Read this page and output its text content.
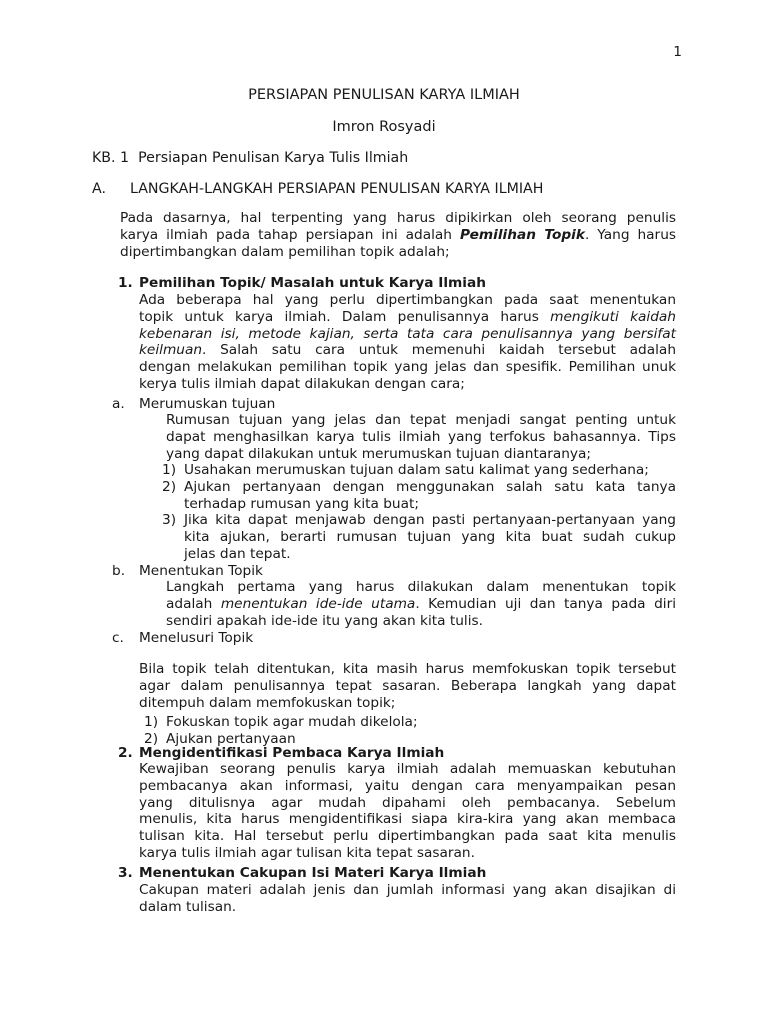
1
PERSIAPAN PENULISAN KARYA ILMIAH
Imron Rosyadi
KB. 1  Persiapan Penulisan Karya Tulis Ilmiah
A. LANGKAH-LANGKAH PERSIAPAN PENULISAN KARYA ILMIAH
Pada dasarnya, hal terpenting yang harus dipikirkan oleh seorang penulis
karya ilmiah pada tahap persiapan ini adalah Pemilihan Topik. Yang harus
dipertimbangkan dalam pemilihan topik adalah;
1. Pemilihan Topik/ Masalah untuk Karya Ilmiah
Ada beberapa hal yang perlu dipertimbangkan pada saat menentukan
topik untuk karya ilmiah. Dalam penulisannya harus mengikuti kaidah
kebenaran isi, metode kajian, serta tata cara penulisannya yang bersifat
keilmuan. Salah satu cara untuk memenuhi kaidah tersebut adalah
dengan melakukan pemilihan topik yang jelas dan spesifik. Pemilihan unuk
kerya tulis ilmiah dapat dilakukan dengan cara;
a. Merumuskan tujuan
Rumusan tujuan yang jelas dan tepat menjadi sangat penting untuk
dapat menghasilkan karya tulis ilmiah yang terfokus bahasannya. Tips
yang dapat dilakukan untuk merumuskan tujuan diantaranya;
1) Usahakan merumuskan tujuan dalam satu kalimat yang sederhana;
2) Ajukan pertanyaan dengan menggunakan salah satu kata tanya
terhadap rumusan yang kita buat;
3) Jika kita dapat menjawab dengan pasti pertanyaan-pertanyaan yang
kita ajukan, berarti rumusan tujuan yang kita buat sudah cukup
jelas dan tepat.
b. Menentukan Topik
Langkah pertama yang harus dilakukan dalam menentukan topik
adalah menentukan ide-ide utama. Kemudian uji dan tanya pada diri
sendiri apakah ide-ide itu yang akan kita tulis.
c. Menelusuri Topik
Bila topik telah ditentukan, kita masih harus memfokuskan topik tersebut
agar dalam penulisannya tepat sasaran. Beberapa langkah yang dapat
ditempuh dalam memfokuskan topik;
1) Fokuskan topik agar mudah dikelola;
2) Ajukan pertanyaan
2. Mengidentifikasi Pembaca Karya Ilmiah
Kewajiban seorang penulis karya ilmiah adalah memuaskan kebutuhan
pembacanya akan informasi, yaitu dengan cara menyampaikan pesan
yang ditulisnya agar mudah dipahami oleh pembacanya. Sebelum
menulis, kita harus mengidentifikasi siapa kira-kira yang akan membaca
tulisan kita. Hal tersebut perlu dipertimbangkan pada saat kita menulis
karya tulis ilmiah agar tulisan kita tepat sasaran.
3. Menentukan Cakupan Isi Materi Karya Ilmiah
Cakupan materi adalah jenis dan jumlah informasi yang akan disajikan di
dalam tulisan.
